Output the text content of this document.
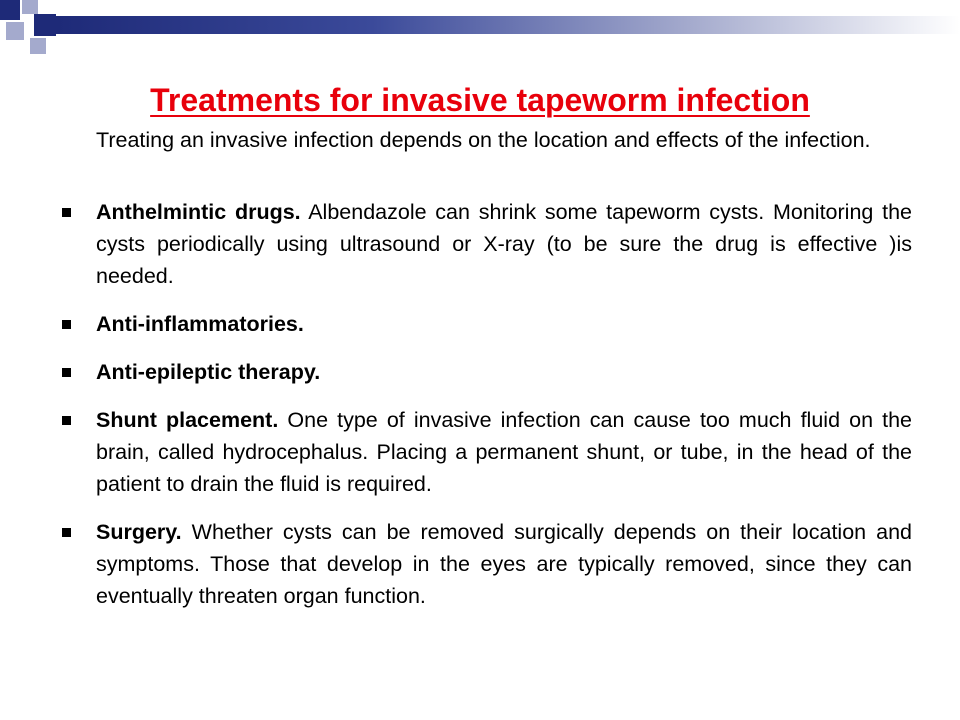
Treatments for invasive tapeworm infection

Treating an invasive infection depends on the location and effects of the infection.

Anthelmintic drugs. Albendazole can shrink some tapeworm cysts. Monitoring the cysts periodically using ultrasound or X-ray (to be sure the drug is effective )is needed.
Anti-inflammatories.
Anti-epileptic therapy.
Shunt placement. One type of invasive infection can cause too much fluid on the brain, called hydrocephalus. Placing a permanent shunt, or tube, in the head of the patient to drain the fluid is required.
Surgery. Whether cysts can be removed surgically depends on their location and symptoms. Those that develop in the eyes are typically removed, since they can eventually threaten organ function.
